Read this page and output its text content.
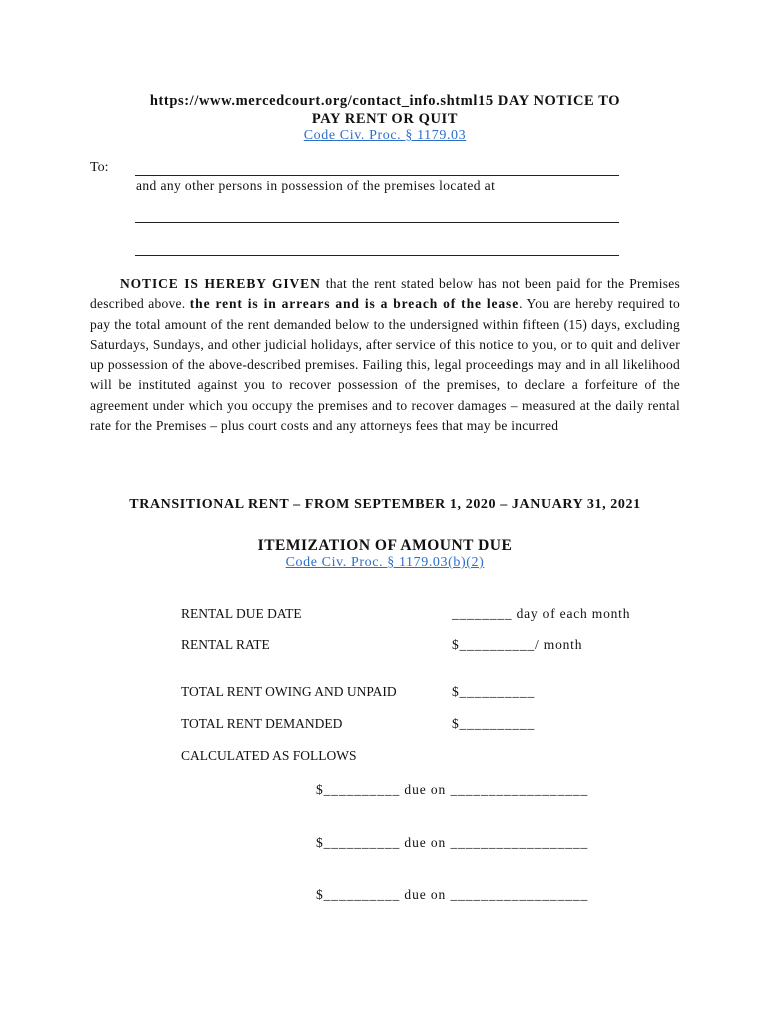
https://www.mercedcourt.org/contact_info.shtml15 DAY NOTICE TO
PAY RENT OR QUIT
Code Civ. Proc. § 1179.03
To:
and any other persons in possession of the premises located at
NOTICE IS HEREBY GIVEN that the rent stated below has not been paid for the Premises described above. the rent is in arrears and is a breach of the lease. You are hereby required to pay the total amount of the rent demanded below to the undersigned within fifteen (15) days, excluding Saturdays, Sundays, and other judicial holidays, after service of this notice to you, or to quit and deliver up possession of the above-described premises. Failing this, legal proceedings may and in all likelihood will be instituted against you to recover possession of the premises, to declare a forfeiture of the agreement under which you occupy the premises and to recover damages – measured at the daily rental rate for the Premises – plus court costs and any attorneys fees that may be incurred
TRANSITIONAL RENT – FROM SEPTEMBER 1, 2020 – JANUARY 31, 2021
ITEMIZATION OF AMOUNT DUE
Code Civ. Proc. § 1179.03(b)(2)
RENTAL DUE DATE	________ day of each month
RENTAL RATE	$__________/ month
TOTAL RENT OWING AND UNPAID	$__________
TOTAL RENT DEMANDED	$__________
CALCULATED AS FOLLOWS
$__________ due on __________________
$__________ due on __________________
$__________ due on __________________
